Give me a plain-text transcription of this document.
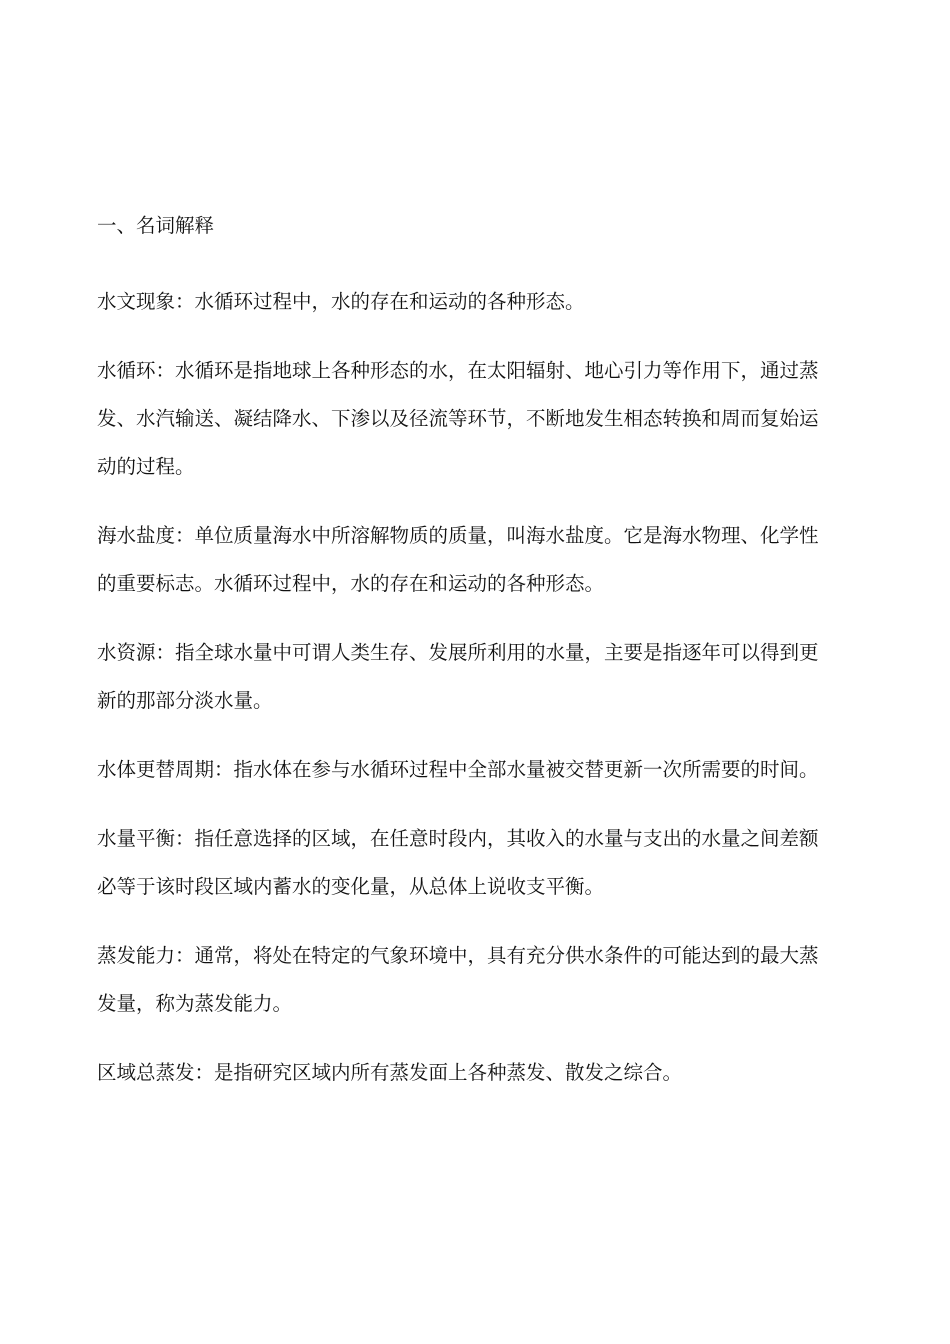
一、名词解释
水文现象：水循环过程中，水的存在和运动的各种形态。
水循环：水循环是指地球上各种形态的水，在太阳辐射、地心引力等作用下，通过蒸
发、水汽输送、凝结降水、下渗以及径流等环节，不断地发生相态转换和周而复始运
动的过程。
海水盐度：单位质量海水中所溶解物质的质量，叫海水盐度。它是海水物理、化学性
的重要标志。水循环过程中，水的存在和运动的各种形态。
水资源：指全球水量中可谓人类生存、发展所利用的水量，主要是指逐年可以得到更
新的那部分淡水量。
水体更替周期：指水体在参与水循环过程中全部水量被交替更新一次所需要的时间。
水量平衡：指任意选择的区域，在任意时段内，其收入的水量与支出的水量之间差额
必等于该时段区域内蓄水的变化量，从总体上说收支平衡。
蒸发能力：通常，将处在特定的气象环境中，具有充分供水条件的可能达到的最大蒸
发量，称为蒸发能力。
区域总蒸发：是指研究区域内所有蒸发面上各种蒸发、散发之综合。
